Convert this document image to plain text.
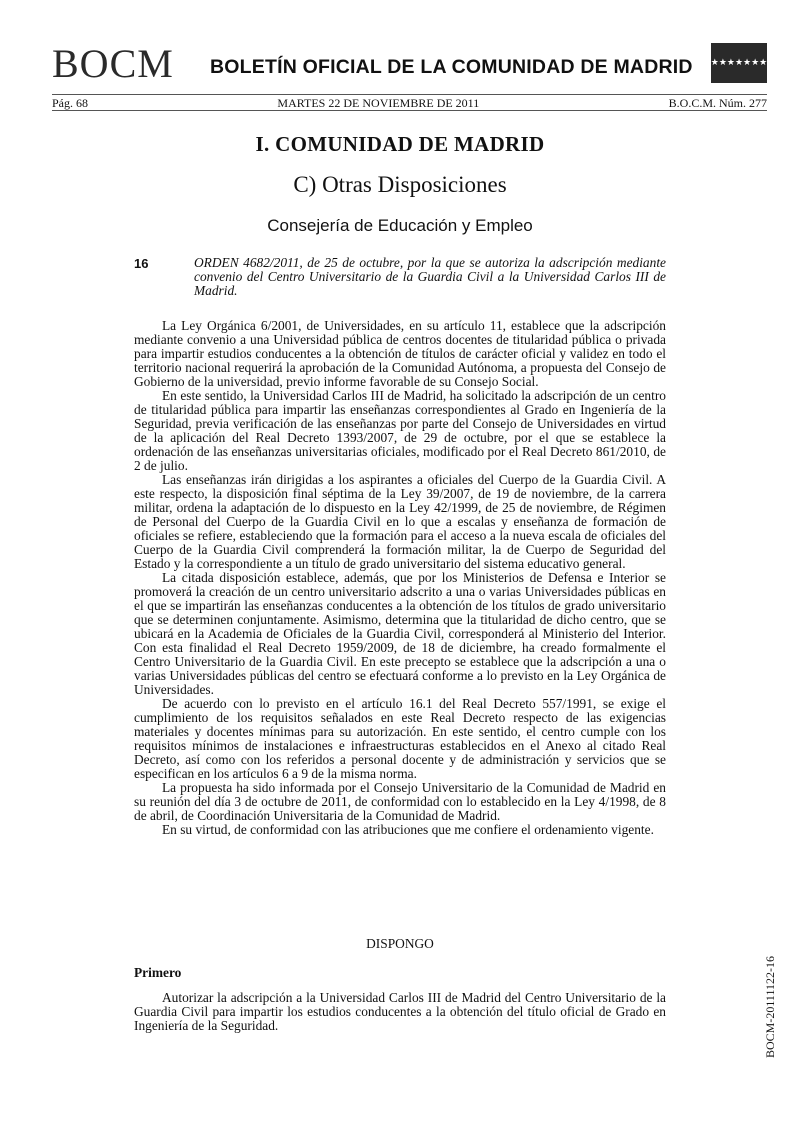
BOCM BOLETÍN OFICIAL DE LA COMUNIDAD DE MADRID ★★★★★★★
Pág. 68	MARTES 22 DE NOVIEMBRE DE 2011	B.O.C.M. Núm. 277
I. COMUNIDAD DE MADRID
C) Otras Disposiciones
Consejería de Educación y Empleo
16	ORDEN 4682/2011, de 25 de octubre, por la que se autoriza la adscripción mediante convenio del Centro Universitario de la Guardia Civil a la Universidad Carlos III de Madrid.

La Ley Orgánica 6/2001, de Universidades, en su artículo 11, establece que la adscripción mediante convenio a una Universidad pública de centros docentes de titularidad pública o privada para impartir estudios conducentes a la obtención de títulos de carácter oficial y validez en todo el territorio nacional requerirá la aprobación de la Comunidad Autónoma, a propuesta del Consejo de Gobierno de la universidad, previo informe favorable de su Consejo Social.

En este sentido, la Universidad Carlos III de Madrid, ha solicitado la adscripción de un centro de titularidad pública para impartir las enseñanzas correspondientes al Grado en Ingeniería de la Seguridad, previa verificación de las enseñanzas por parte del Consejo de Universidades en virtud de la aplicación del Real Decreto 1393/2007, de 29 de octubre, por el que se establece la ordenación de las enseñanzas universitarias oficiales, modificado por el Real Decreto 861/2010, de 2 de julio.

Las enseñanzas irán dirigidas a los aspirantes a oficiales del Cuerpo de la Guardia Civil. A este respecto, la disposición final séptima de la Ley 39/2007, de 19 de noviembre, de la carrera militar, ordena la adaptación de lo dispuesto en la Ley 42/1999, de 25 de noviembre, de Régimen de Personal del Cuerpo de la Guardia Civil en lo que a escalas y enseñanza de formación de oficiales se refiere, estableciendo que la formación para el acceso a la nueva escala de oficiales del Cuerpo de la Guardia Civil comprenderá la formación militar, la de Cuerpo de Seguridad del Estado y la correspondiente a un título de grado universitario del sistema educativo general.

La citada disposición establece, además, que por los Ministerios de Defensa e Interior se promoverá la creación de un centro universitario adscrito a una o varias Universidades públicas en el que se impartirán las enseñanzas conducentes a la obtención de los títulos de grado universitario que se determinen conjuntamente. Asimismo, determina que la titularidad de dicho centro, que se ubicará en la Academia de Oficiales de la Guardia Civil, corresponderá al Ministerio del Interior. Con esta finalidad el Real Decreto 1959/2009, de 18 de diciembre, ha creado formalmente el Centro Universitario de la Guardia Civil. En este precepto se establece que la adscripción a una o varias Universidades públicas del centro se efectuará conforme a lo previsto en la Ley Orgánica de Universidades.

De acuerdo con lo previsto en el artículo 16.1 del Real Decreto 557/1991, se exige el cumplimiento de los requisitos señalados en este Real Decreto respecto de las exigencias materiales y docentes mínimas para su autorización. En este sentido, el centro cumple con los requisitos mínimos de instalaciones e infraestructuras establecidos en el Anexo al citado Real Decreto, así como con los referidos a personal docente y de administración y servicios que se especifican en los artículos 6 a 9 de la misma norma.

La propuesta ha sido informada por el Consejo Universitario de la Comunidad de Madrid en su reunión del día 3 de octubre de 2011, de conformidad con lo establecido en la Ley 4/1998, de 8 de abril, de Coordinación Universitaria de la Comunidad de Madrid.

En su virtud, de conformidad con las atribuciones que me confiere el ordenamiento vigente.

DISPONGO
Primero

Autorizar la adscripción a la Universidad Carlos III de Madrid del Centro Universitario de la Guardia Civil para impartir los estudios conducentes a la obtención del título oficial de Grado en Ingeniería de la Seguridad.	BOCM-20111122-16
